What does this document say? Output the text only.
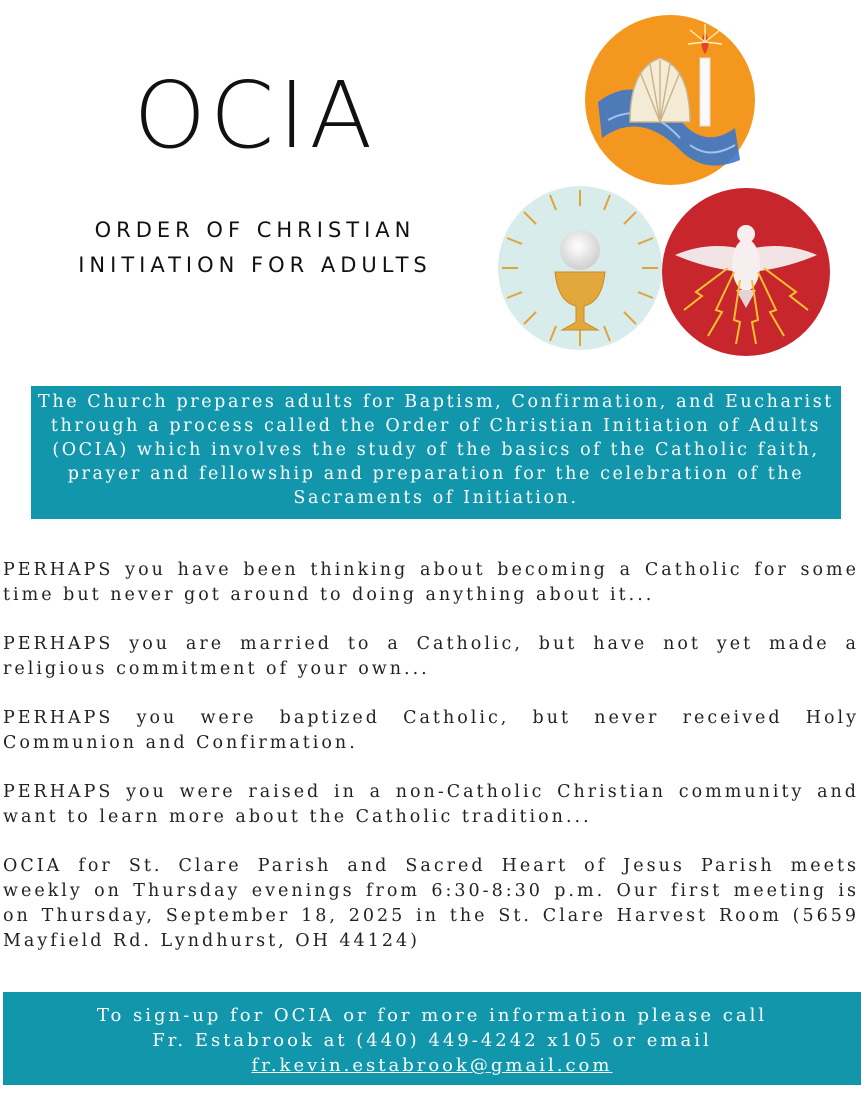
OCIA
ORDER OF CHRISTIAN
INITIATION FOR ADULTS
The Church prepares adults for Baptism, Confirmation, and Eucharist through a process called the Order of Christian Initiation of Adults (OCIA) which involves the study of the basics of the Catholic faith, prayer and fellowship and preparation for the celebration of the Sacraments of Initiation.

PERHAPS you have been thinking about becoming a Catholic for some time but never got around to doing anything about it...

PERHAPS you are married to a Catholic, but have not yet made a religious commitment of your own...

PERHAPS you were baptized Catholic, but never received Holy Communion and Confirmation.

PERHAPS you were raised in a non-Catholic Christian community and want to learn more about the Catholic tradition...

OCIA for St. Clare Parish and Sacred Heart of Jesus Parish meets weekly on Thursday evenings from 6:30-8:30 p.m. Our first meeting is on Thursday, September 18, 2025 in the St. Clare Harvest Room (5659 Mayfield Rd. Lyndhurst, OH 44124)

To sign-up for OCIA or for more information please call
Fr. Estabrook at (440) 449-4242 x105 or email
fr.kevin.estabrook@gmail.com
